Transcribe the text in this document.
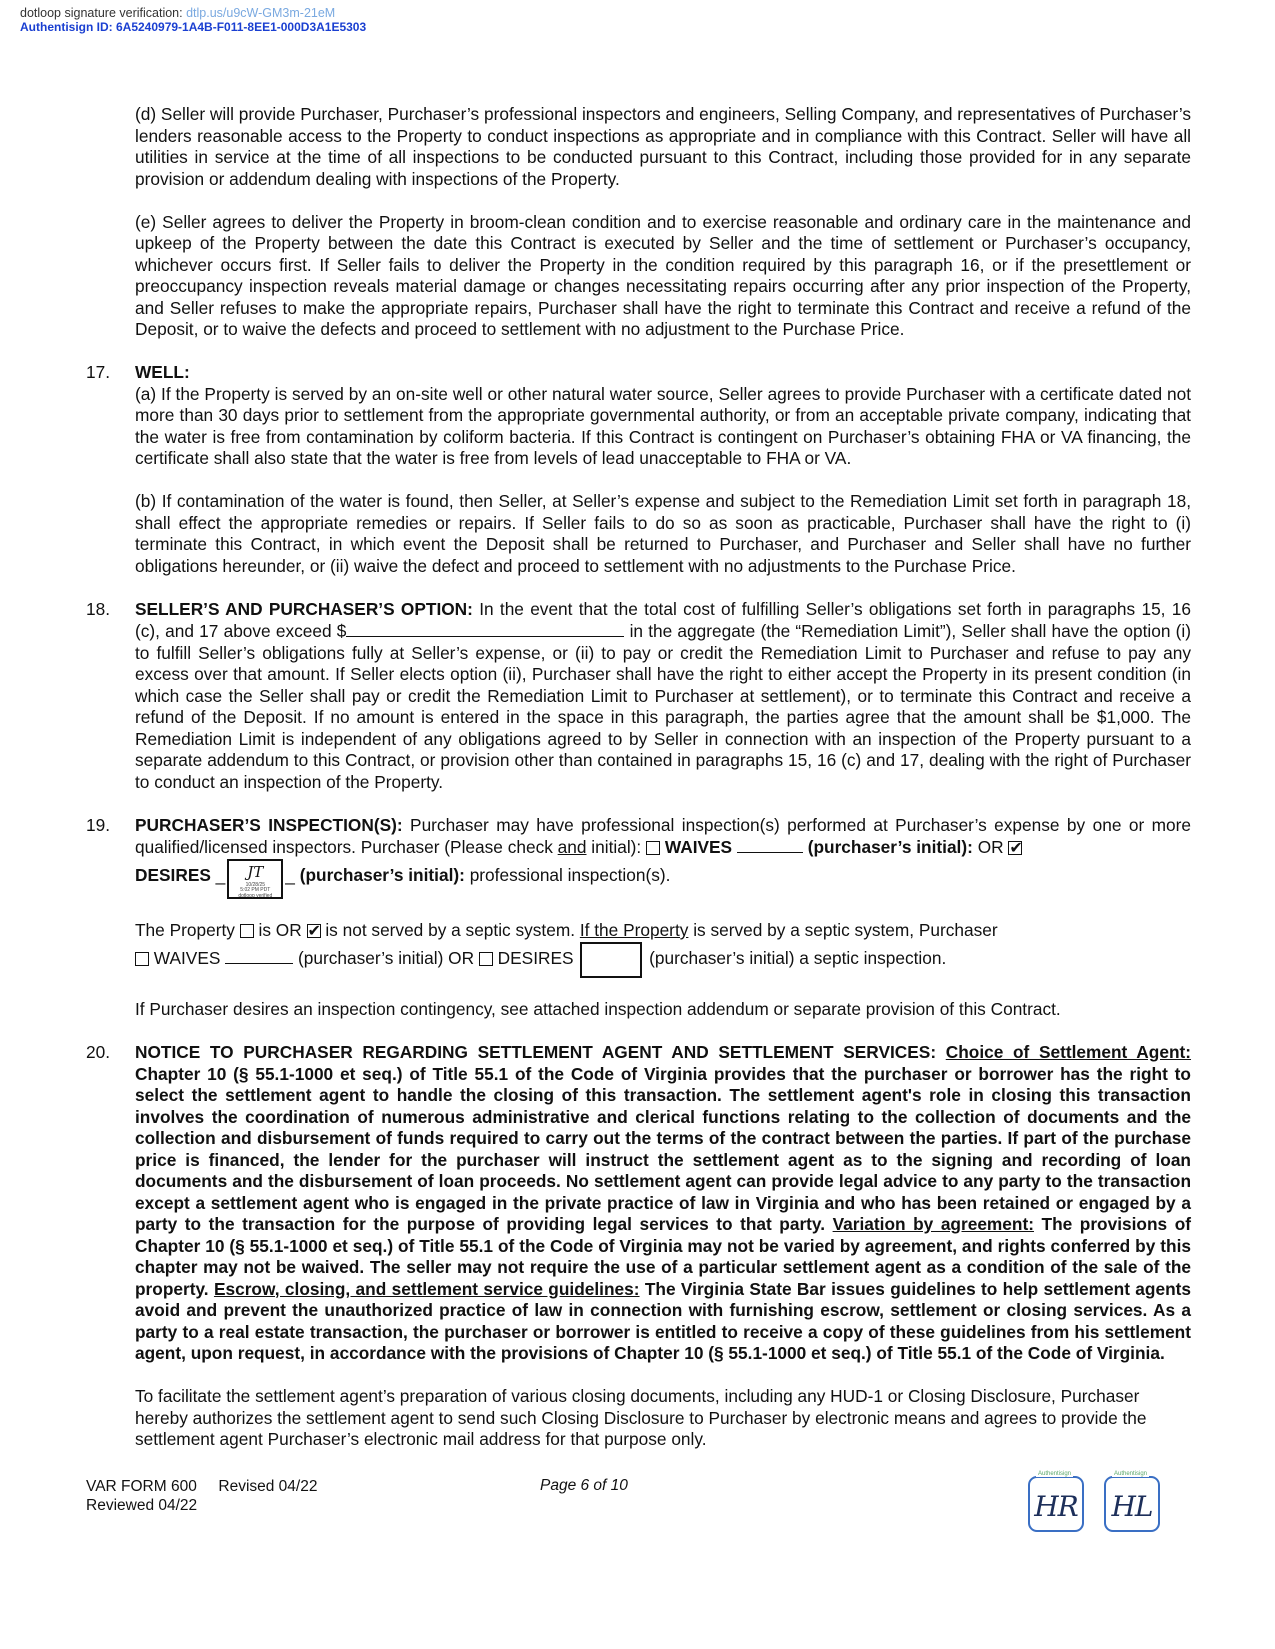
dotloop signature verification: dtlp.us/u9cW-GM3m-21eM
Authentisign ID: 6A5240979-1A4B-F011-8EE1-000D3A1E5303

(d) Seller will provide Purchaser, Purchaser’s professional inspectors and engineers, Selling Company, and representatives of Purchaser’s lenders reasonable access to the Property to conduct inspections as appropriate and in compliance with this Contract. Seller will have all utilities in service at the time of all inspections to be conducted pursuant to this Contract, including those provided for in any separate provision or addendum dealing with inspections of the Property.

(e) Seller agrees to deliver the Property in broom-clean condition and to exercise reasonable and ordinary care in the maintenance and upkeep of the Property between the date this Contract is executed by Seller and the time of settlement or Purchaser’s occupancy, whichever occurs first. If Seller fails to deliver the Property in the condition required by this paragraph 16, or if the presettlement or preoccupancy inspection reveals material damage or changes necessitating repairs occurring after any prior inspection of the Property, and Seller refuses to make the appropriate repairs, Purchaser shall have the right to terminate this Contract and receive a refund of the Deposit, or to waive the defects and proceed to settlement with no adjustment to the Purchase Price.

17. WELL:
(a) If the Property is served by an on-site well or other natural water source, Seller agrees to provide Purchaser with a certificate dated not more than 30 days prior to settlement from the appropriate governmental authority, or from an acceptable private company, indicating that the water is free from contamination by coliform bacteria. If this Contract is contingent on Purchaser’s obtaining FHA or VA financing, the certificate shall also state that the water is free from levels of lead unacceptable to FHA or VA.

(b) If contamination of the water is found, then Seller, at Seller’s expense and subject to the Remediation Limit set forth in paragraph 18, shall effect the appropriate remedies or repairs. If Seller fails to do so as soon as practicable, Purchaser shall have the right to (i) terminate this Contract, in which event the Deposit shall be returned to Purchaser, and Purchaser and Seller shall have no further obligations hereunder, or (ii) waive the defect and proceed to settlement with no adjustments to the Purchase Price.

18. SELLER’S AND PURCHASER’S OPTION: In the event that the total cost of fulfilling Seller’s obligations set forth in paragraphs 15, 16 (c), and 17 above exceed $	in the aggregate (the “Remediation Limit”), Seller shall have the option (i) to fulfill Seller’s obligations fully at Seller’s expense, or (ii) to pay or credit the Remediation Limit to Purchaser and refuse to pay any excess over that amount. If Seller elects option (ii), Purchaser shall have the right to either accept the Property in its present condition (in which case the Seller shall pay or credit the Remediation Limit to Purchaser at settlement), or to terminate this Contract and receive a refund of the Deposit. If no amount is entered in the space in this paragraph, the parties agree that the amount shall be $1,000. The Remediation Limit is independent of any obligations agreed to by Seller in connection with an inspection of the Property pursuant to a separate addendum to this Contract, or provision other than contained in paragraphs 15, 16 (c) and 17, dealing with the right of Purchaser to conduct an inspection of the Property.

19. PURCHASER’S INSPECTION(S): Purchaser may have professional inspection(s) performed at Purchaser’s expense by one or more qualified/licensed inspectors. Purchaser (Please check and initial):  WAIVES	(purchaser’s initial): OR ✔
DESIRES _ JT
10/28/25
5:02 PM PDT
dotloop verified
_ (purchaser’s initial): professional inspection(s).

The Property  is OR ✔ is not served by a septic system. If the Property is served by a septic system, Purchaser
WAIVES	(purchaser’s initial) OR  DESIRES	(purchaser’s initial) a septic inspection.

If Purchaser desires an inspection contingency, see attached inspection addendum or separate provision of this Contract.

20. NOTICE TO PURCHASER REGARDING SETTLEMENT AGENT AND SETTLEMENT SERVICES: Choice of Settlement Agent: Chapter 10 (§ 55.1-1000 et seq.) of Title 55.1 of the Code of Virginia provides that the purchaser or borrower has the right to select the settlement agent to handle the closing of this transaction. The settlement agent's role in closing this transaction involves the coordination of numerous administrative and clerical functions relating to the collection of documents and the collection and disbursement of funds required to carry out the terms of the contract between the parties. If part of the purchase price is financed, the lender for the purchaser will instruct the settlement agent as to the signing and recording of loan documents and the disbursement of loan proceeds. No settlement agent can provide legal advice to any party to the transaction except a settlement agent who is engaged in the private practice of law in Virginia and who has been retained or engaged by a party to the transaction for the purpose of providing legal services to that party. Variation by agreement: The provisions of Chapter 10 (§ 55.1-1000 et seq.) of Title 55.1 of the Code of Virginia may not be varied by agreement, and rights conferred by this chapter may not be waived. The seller may not require the use of a particular settlement agent as a condition of the sale of the property. Escrow, closing, and settlement service guidelines: The Virginia State Bar issues guidelines to help settlement agents avoid and prevent the unauthorized practice of law in connection with furnishing escrow, settlement or closing services. As a party to a real estate transaction, the purchaser or borrower is entitled to receive a copy of these guidelines from his settlement agent, upon request, in accordance with the provisions of Chapter 10 (§ 55.1-1000 et seq.) of Title 55.1 of the Code of Virginia.

To facilitate the settlement agent’s preparation of various closing documents, including any HUD-1 or Closing Disclosure, Purchaser hereby authorizes the settlement agent to send such Closing Disclosure to Purchaser by electronic means and agrees to provide the settlement agent Purchaser’s electronic mail address for that purpose only.

VAR FORM 600 Revised 04/22
Reviewed 04/22
Page 6 of 10
Authentisign
HR
Authentisign
HL
